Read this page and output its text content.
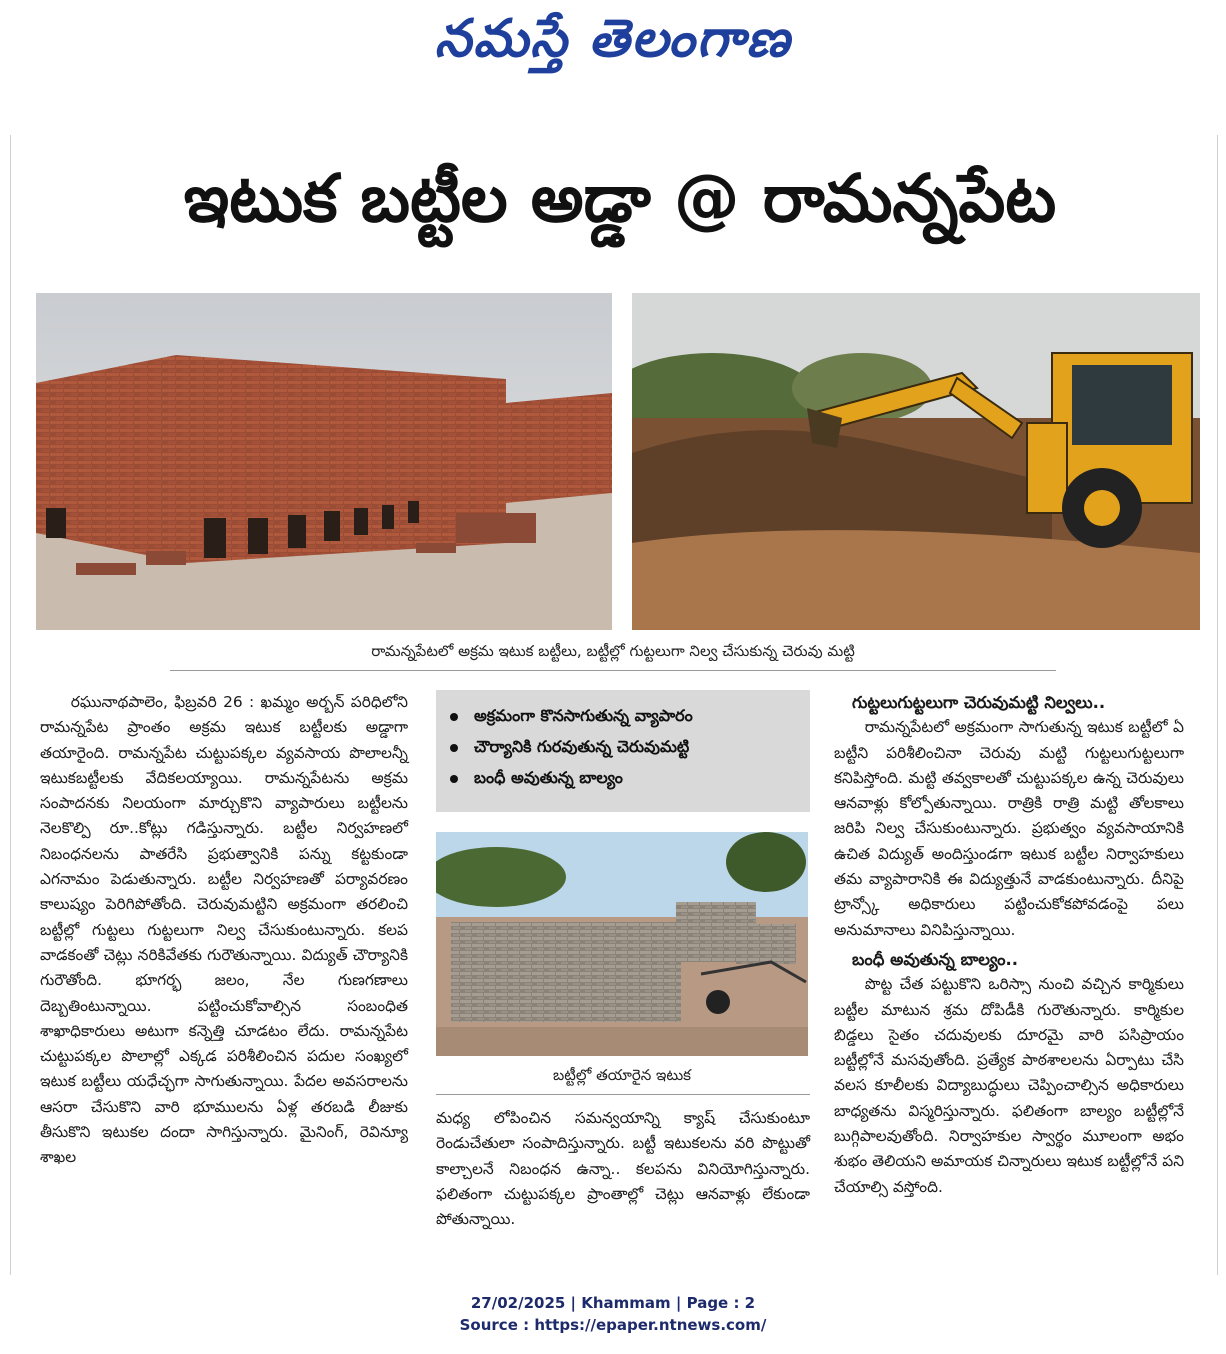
నమస్తే తెలంగాణ
ఇటుక బట్టీల అడ్డా @ రామన్నపేట
రామన్నపేటలో అక్రమ ఇటుక బట్టీలు, బట్టీల్లో గుట్టలుగా నిల్వ చేసుకున్న చెరువు మట్టి

రఘునాథపాలెం, ఫిబ్రవరి 26 : ఖమ్మం అర్బన్ పరిధిలోని రామన్నపేట ప్రాంతం అక్రమ ఇటుక బట్టీలకు అడ్డాగా తయారైంది. రామన్నపేట చుట్టుపక్కల వ్యవసాయ పొలాలన్నీ ఇటుకబట్టీలకు వేదికలయ్యాయి. రామన్నపేటను అక్రమ సంపాదనకు నిలయంగా మార్చుకొని వ్యాపారులు బట్టీలను నెలకొల్పి రూ..కోట్లు గడిస్తున్నారు. బట్టీల నిర్వహణలో నిబంధనలను పాతరేసి ప్రభుత్వానికి పన్ను కట్టకుండా ఎగనామం పెడుతున్నారు. బట్టీల నిర్వహణతో పర్యావరణం కాలుష్యం పెరిగిపోతోంది. చెరువుమట్టిని అక్రమంగా తరలించి బట్టీల్లో గుట్టలు గుట్టలుగా నిల్వ చేసుకుంటున్నారు. కలప వాడకంతో చెట్లు నరికివేతకు గురౌతున్నాయి. విద్యుత్ చౌర్యానికి గురౌతోంది. భూగర్భ జలం, నేల గుణగణాలు దెబ్బతింటున్నాయి. పట్టించుకోవాల్సిన సంబంధిత శాఖాధికారులు అటుగా కన్నెత్తి చూడటం లేదు. రామన్నపేట చుట్టుపక్కల పొలాల్లో ఎక్కడ పరిశీలించిన పదుల సంఖ్యలో ఇటుక బట్టీలు యధేచ్ఛగా సాగుతున్నాయి. పేదల అవసరాలను ఆసరా చేసుకొని వారి భూములను ఏళ్ల తరబడి లీజుకు తీసుకొని ఇటుకల దందా సాగిస్తున్నారు. మైనింగ్, రెవిన్యూ శాఖల

అక్రమంగా కొనసాగుతున్న వ్యాపారం
చౌర్యానికి గురవుతున్న చెరువుమట్టి
బంధీ అవుతున్న బాల్యం
బట్టీల్లో తయారైన ఇటుక

మధ్య లోపించిన సమన్వయాన్ని క్యాష్ చేసుకుంటూ రెండుచేతులా సంపాదిస్తున్నారు. బట్టీ ఇటుకలను వరి పొట్టుతో కాల్చాలనే నిబంధన ఉన్నా.. కలపను వినియోగిస్తున్నారు. ఫలితంగా చుట్టుపక్కల ప్రాంతాల్లో చెట్లు ఆనవాళ్లు లేకుండా పోతున్నాయి.

గుట్టలుగుట్టలుగా చెరువుమట్టి నిల్వలు..

రామన్నపేటలో అక్రమంగా సాగుతున్న ఇటుక బట్టీలో ఏ బట్టీని పరిశీలించినా చెరువు మట్టి గుట్టలుగుట్టలుగా కనిపిస్తోంది. మట్టి తవ్వకాలతో చుట్టుపక్కల ఉన్న చెరువులు ఆనవాళ్లు కోల్పోతున్నాయి. రాత్రికి రాత్రి మట్టి తోలకాలు జరిపి నిల్వ చేసుకుంటున్నారు. ప్రభుత్వం వ్యవసాయానికి ఉచిత విద్యుత్ అందిస్తుండగా ఇటుక బట్టీల నిర్వాహకులు తమ వ్యాపారానికి ఈ విద్యుత్తునే వాడకుంటున్నారు. దీనిపై ట్రాన్స్కో అధికారులు పట్టించుకోకపోవడంపై పలు అనుమానాలు వినిపిస్తున్నాయి.

బంధీ అవుతున్న బాల్యం..

పొట్ట చేత పట్టుకొని ఒరిస్సా నుంచి వచ్చిన కార్మికులు బట్టీల మాటున శ్రమ దోపిడీకి గురౌతున్నారు. కార్మికుల బిడ్డలు సైతం చదువులకు దూరమై వారి పసిప్రాయం బట్టీల్లోనే మసవుతోంది. ప్రత్యేక పాఠశాలలను ఏర్పాటు చేసి వలస కూలీలకు విద్యాబుద్ధులు చెప్పించాల్సిన అధికారులు బాధ్యతను విస్మరిస్తున్నారు. ఫలితంగా బాల్యం బట్టీల్లోనే బుగ్గిపాలవుతోంది. నిర్వాహకుల స్వార్థం మూలంగా అభం శుభం తెలియని అమాయక చిన్నారులు ఇటుక బట్టీల్లోనే పని చేయాల్సి వస్తోంది.

27/02/2025 | Khammam | Page : 2
Source : https://epaper.ntnews.com/
